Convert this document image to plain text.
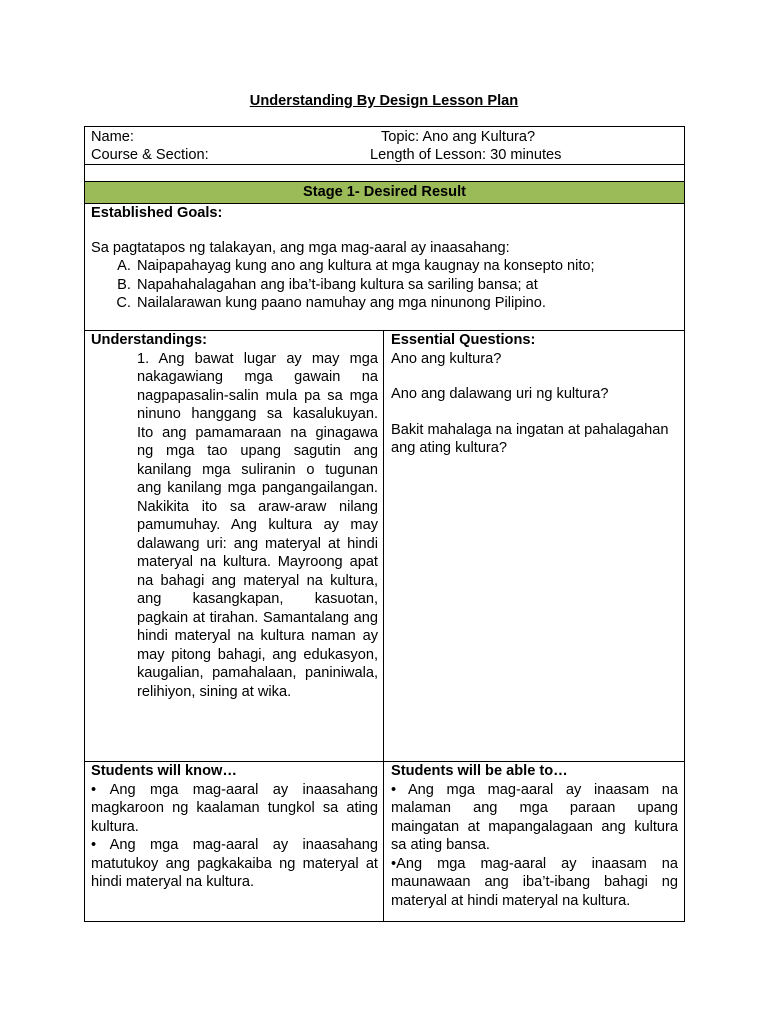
Understanding By Design Lesson Plan
Name:
Course & Section:
Topic: Ano ang Kultura?
Length of Lesson: 30 minutes
Stage 1- Desired Result
Established Goals:

Sa pagtatapos ng talakayan, ang mga mag-aaral ay inaasahang:

A. Naipapahayag kung ano ang kultura at mga kaugnay na konsepto nito;
B. Napahahalagahan ang iba’t-ibang kultura sa sariling bansa; at
C. Nailalarawan kung paano namuhay ang mga ninunong Pilipino.
Understandings:

1. Ang bawat lugar ay may mga nakagawiang mga gawain na nagpapasalin-salin mula pa sa mga ninuno hanggang sa kasalukuyan. Ito ang pamamaraan na ginagawa ng mga tao upang sagutin ang kanilang mga suliranin o tugunan ang kanilang mga pangangailangan. Nakikita ito sa araw-araw nilang pamumuhay. Ang kultura ay may dalawang uri: ang materyal at hindi materyal na kultura. Mayroong apat na bahagi ang materyal na kultura, ang kasangkapan, kasuotan, pagkain at tirahan. Samantalang ang hindi materyal na kultura naman ay may pitong bahagi, ang edukasyon, kaugalian, pamahalaan, paniniwala, relihiyon, sining at wika.

Essential Questions:

Ano ang kultura?

Ano ang dalawang uri ng kultura?

Bakit mahalaga na ingatan at pahalagahan ang ating kultura?

Students will know…

• Ang mga mag-aaral ay inaasahang magkaroon ng kaalaman tungkol sa ating kultura.

• Ang mga mag-aaral ay inaasahang matutukoy ang pagkakaiba ng materyal at hindi materyal na kultura.

Students will be able to…

• Ang mga mag-aaral ay inaasam na malaman ang mga paraan upang maingatan at mapangalagaan ang kultura sa ating bansa.

•Ang mga mag-aaral ay inaasam na maunawaan ang iba’t-ibang bahagi ng materyal at hindi materyal na kultura.
